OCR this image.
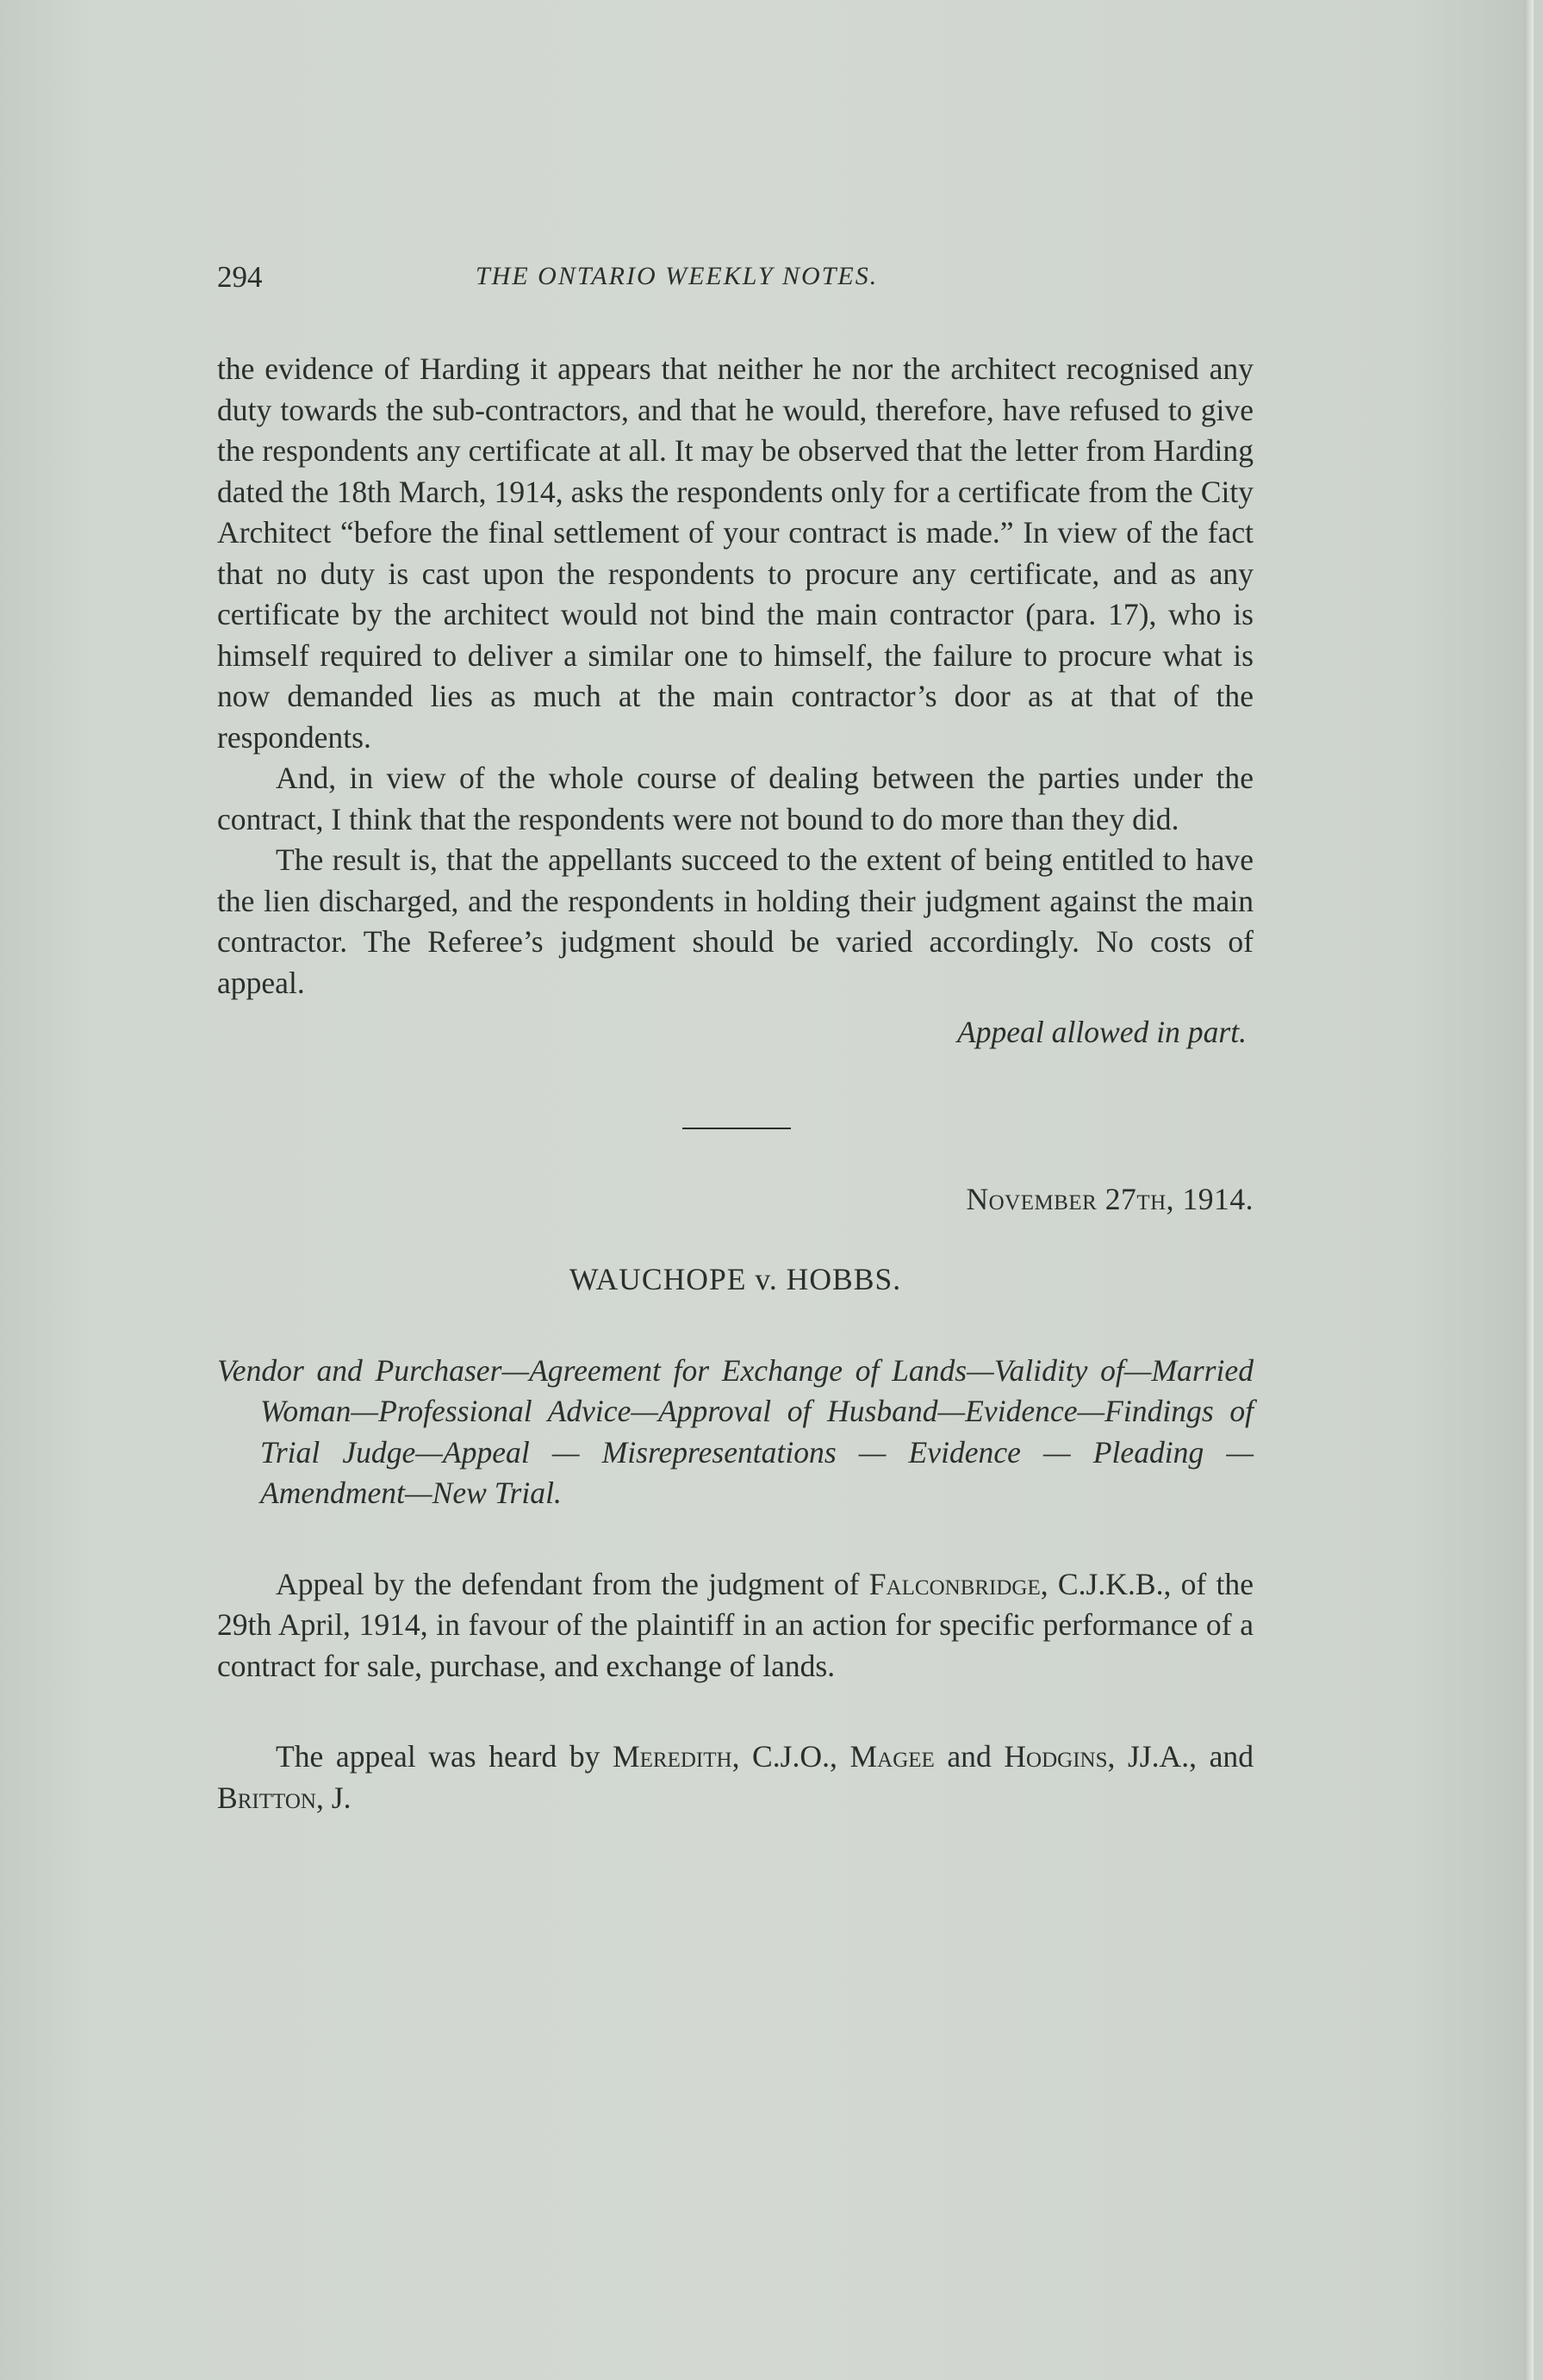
294	THE ONTARIO WEEKLY NOTES.

the evidence of Harding it appears that neither he nor the architect recognised any duty towards the sub-contractors, and that he would, therefore, have refused to give the respondents any certificate at all. It may be observed that the letter from Harding dated the 18th March, 1914, asks the respondents only for a certificate from the City Architect “before the final settlement of your contract is made.” In view of the fact that no duty is cast upon the respondents to procure any certificate, and as any certificate by the architect would not bind the main contractor (para. 17), who is himself required to deliver a similar one to himself, the failure to procure what is now demanded lies as much at the main contractor’s door as at that of the respondents.

And, in view of the whole course of dealing between the parties under the contract, I think that the respondents were not bound to do more than they did.

The result is, that the appellants succeed to the extent of being entitled to have the lien discharged, and the respondents in holding their judgment against the main contractor. The Referee’s judgment should be varied accordingly. No costs of appeal.

Appeal allowed in part.

November 27th, 1914.

WAUCHOPE v. HOBBS.

Vendor and Purchaser—Agreement for Exchange of Lands—Validity of—Married Woman—Professional Advice—Approval of Husband—Evidence—Findings of Trial Judge—Appeal — Misrepresentations — Evidence — Pleading — Amendment—New Trial.

Appeal by the defendant from the judgment of Falconbridge, C.J.K.B., of the 29th April, 1914, in favour of the plaintiff in an action for specific performance of a contract for sale, purchase, and exchange of lands.

The appeal was heard by Meredith, C.J.O., Magee and Hodgins, JJ.A., and Britton, J.
